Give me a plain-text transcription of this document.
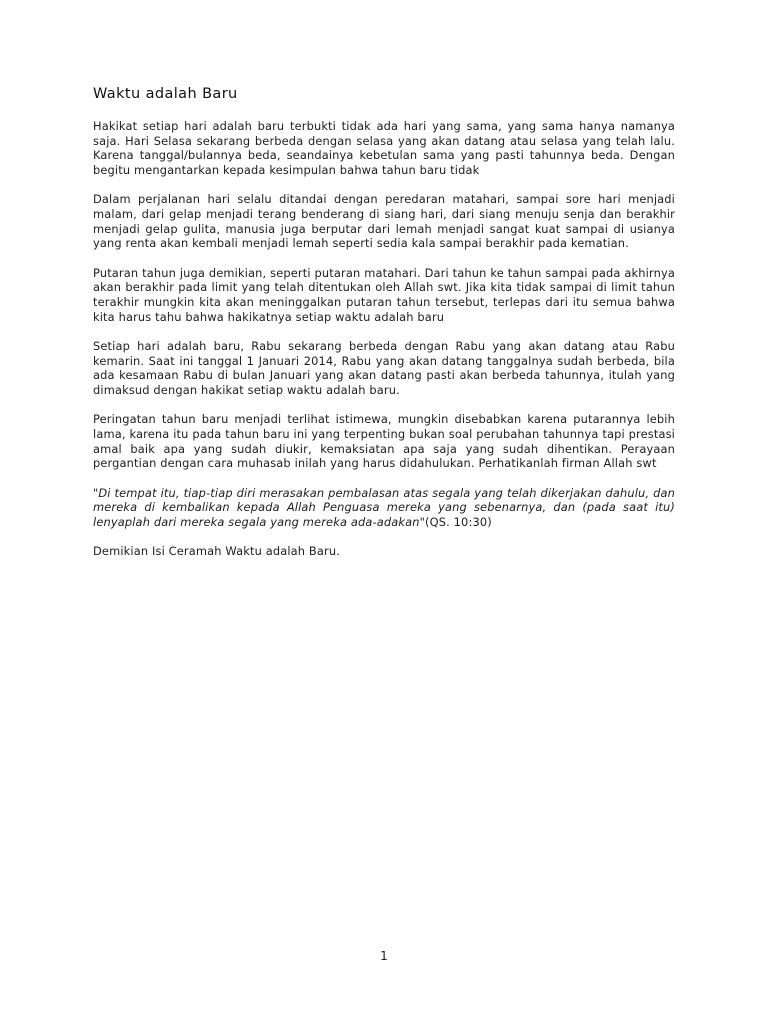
Waktu adalah Baru

Hakikat setiap hari adalah baru terbukti tidak ada hari yang sama, yang sama hanya namanya saja. Hari Selasa sekarang berbeda dengan selasa yang akan datang atau selasa yang telah lalu. Karena tanggal/bulannya beda, seandainya kebetulan sama yang pasti tahunnya beda. Dengan begitu mengantarkan kepada kesimpulan bahwa tahun baru tidak

Dalam perjalanan hari selalu ditandai dengan peredaran matahari, sampai sore hari menjadi malam, dari gelap menjadi terang benderang di siang hari, dari siang menuju senja dan berakhir menjadi gelap gulita, manusia juga berputar dari lemah menjadi sangat kuat sampai di usianya yang renta akan kembali menjadi lemah seperti sedia kala sampai berakhir pada kematian.

Putaran tahun juga demikian, seperti putaran matahari. Dari tahun ke tahun sampai pada akhirnya akan berakhir pada limit yang telah ditentukan oleh Allah swt. Jika kita tidak sampai di limit tahun terakhir mungkin kita akan meninggalkan putaran tahun tersebut, terlepas dari itu semua bahwa kita harus tahu bahwa hakikatnya setiap waktu adalah baru

Setiap hari adalah baru, Rabu sekarang berbeda dengan Rabu yang akan datang atau Rabu kemarin. Saat ini tanggal 1 Januari 2014, Rabu yang akan datang tanggalnya sudah berbeda, bila ada kesamaan Rabu di bulan Januari yang akan datang pasti akan berbeda tahunnya, itulah yang dimaksud dengan hakikat setiap waktu adalah baru.

Peringatan tahun baru menjadi terlihat istimewa, mungkin disebabkan karena putarannya lebih lama, karena itu pada tahun baru ini yang terpenting bukan soal perubahan tahunnya tapi prestasi amal baik apa yang sudah diukir, kemaksiatan apa saja yang sudah dihentikan. Perayaan pergantian dengan cara muhasab inilah yang harus didahulukan. Perhatikanlah firman Allah swt

"Di tempat itu, tiap-tiap diri merasakan pembalasan atas segala yang telah dikerjakan dahulu, dan mereka di kembalikan kepada Allah Penguasa mereka yang sebenarnya, dan (pada saat itu) lenyaplah dari mereka segala yang mereka ada-adakan"(QS. 10:30)

Demikian Isi Ceramah Waktu adalah Baru.

1
